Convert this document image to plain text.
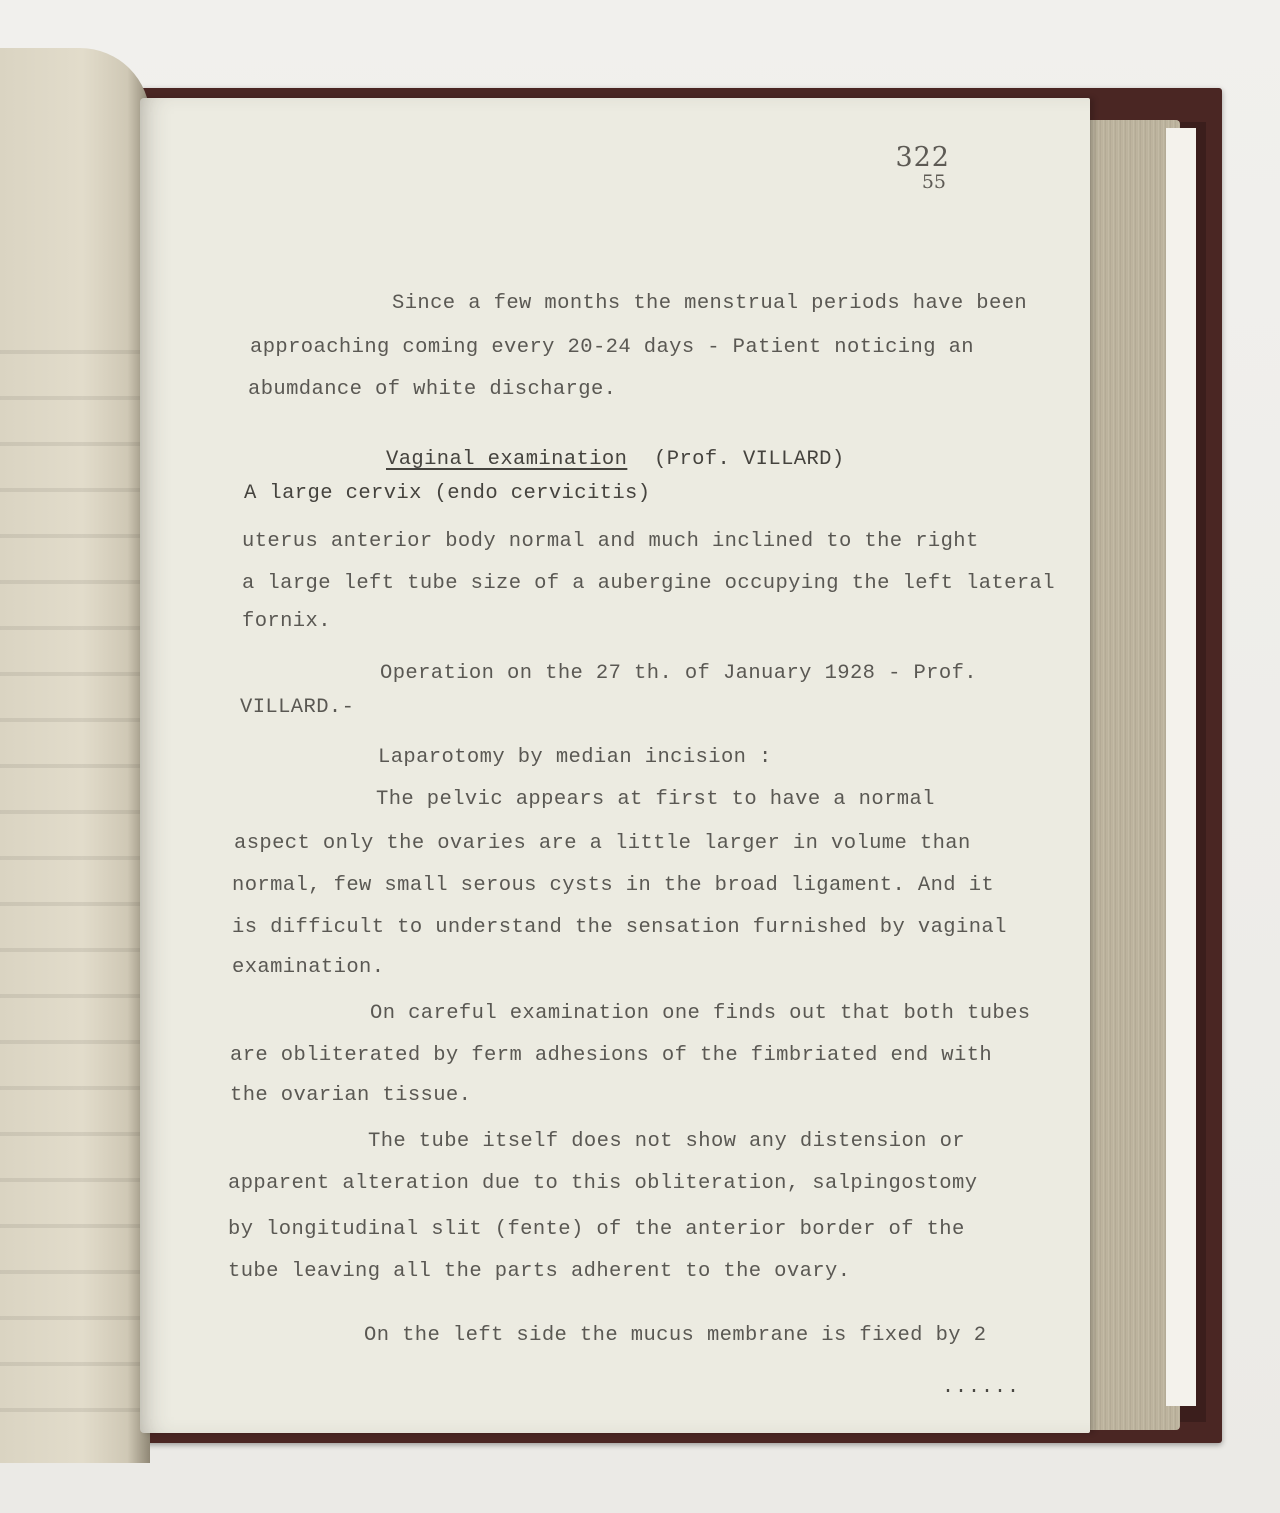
322
55
Since a few months the menstrual periods have been
approaching coming every 20-24 days - Patient noticing an
abumdance of white discharge.
Vaginal examination (Prof. VILLARD)
A large cervix (endo cervicitis)
uterus anterior body normal and much inclined to the right
a large left tube size of a aubergine occupying the left lateral
fornix.
Operation on the 27 th. of January 1928 - Prof.
VILLARD.-
Laparotomy by median incision :
The pelvic appears at first to have a normal
aspect only the ovaries are a little larger in volume than
normal, few small serous cysts in the broad ligament. And it
is difficult to understand the sensation furnished by vaginal
examination.
On careful examination one finds out that both tubes
are obliterated by ferm adhesions of the fimbriated end with
the ovarian tissue.
The tube itself does not show any distension or
apparent alteration due to this obliteration, salpingostomy
by longitudinal slit (fente) of the anterior border of the
tube leaving all the parts adherent to the ovary.
On the left side the mucus membrane is fixed by 2
......
